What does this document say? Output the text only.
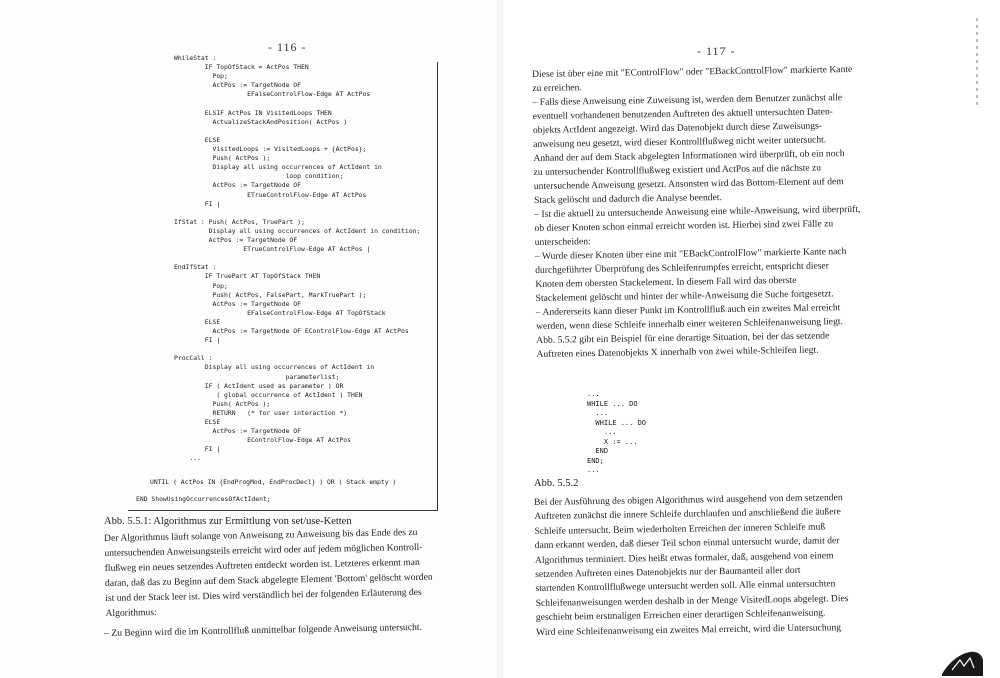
- 116 -
WhileStat :
IF TopOfStack = ActPos THEN
Pop;
ActPos := TargetNode OF
EFalseControlFlow-Edge AT ActPos
ELSIF ActPos IN VisitedLoops THEN
ActualizeStackAndPosition( ActPos )
ELSE
VisitedLoops := VisitedLoops + {ActPos};
Push( ActPos );
Display all using occurrences of ActIdent in
loop condition;
ActPos := TargetNode OF
ETrueControlFlow-Edge AT ActPos
FI |
IfStat : Push( ActPos, TruePart );
Display all using occurrences of ActIdent in condition;
ActPos := TargetNode OF
ETrueControlFlow-Edge AT ActPos |
EndIfStat :
IF TruePart AT TopOfStack THEN
Pop;
Push( ActPos, FalsePart, MarkTruePart );
ActPos := TargetNode OF
EFalseControlFlow-Edge AT TopOfStack
ELSE
ActPos := TargetNode OF EControlFlow-Edge AT ActPos
FI |
ProcCall :
Display all using occurrences of ActIdent in
parameterlist;
IF ( ActIdent used as parameter ) OR
( global occurrence of ActIdent ) THEN
Push( ActPos );
RETURN   (* for user interaction *)
ELSE
ActPos := TargetNode OF
EControlFlow-Edge AT ActPos
FI |
...
UNTIL ( ActPos IN {EndProgMod, EndProcDecl} ) OR ( Stack empty )
END ShowUsingOccurrencesOfActIdent;
Abb. 5.5.1: Algorithmus zur Ermittlung von set/use-Ketten
Der Algorithmus läuft solange von Anweisung zu Anweisung bis das Ende des zu
untersuchenden Anweisungsteils erreicht wird oder auf jedem möglichen Kontroll-
flußweg ein neues setzendes Auftreten entdeckt worden ist. Letzteres erkennt man
daran, daß das zu Beginn auf dem Stack abgelegte Element 'Bottom' gelöscht worden
ist und der Stack leer ist. Dies wird verständlich bei der folgenden Erläuterung des
Algorithmus:
– Zu Beginn wird die im Kontrollfluß unmittelbar folgende Anweisung untersucht.
- 117 -
Diese ist über eine mit "EControlFlow" oder "EBackControlFlow" markierte Kante
zu erreichen.
– Falls diese Anweisung eine Zuweisung ist, werden dem Benutzer zunächst alle
eventuell vorhandenen benutzenden Auftreten des aktuell untersuchten Daten-
objekts ActIdent angezeigt. Wird das Datenobjekt durch diese Zuweisungs-
anweisung neu gesetzt, wird dieser Kontrollflußweg nicht weiter untersucht.
Anhand der auf dem Stack abgelegten Informationen wird überprüft, ob ein noch
zu untersuchender Kontrollflußweg existiert und ActPos auf die nächste zu
untersuchende Anweisung gesetzt. Ansonsten wird das Bottom-Element auf dem
Stack gelöscht und dadurch die Analyse beendet.
– Ist die aktuell zu untersuchende Anweisung eine while-Anweisung, wird überprüft,
ob dieser Knoten schon einmal erreicht worden ist. Hierbei sind zwei Fälle zu
unterscheiden:
– Wurde dieser Knoten über eine mit "EBackControlFlow" markierte Kante nach
durchgeführter Überprüfung des Schleifenrumpfes erreicht, entspricht dieser
Knoten dem obersten Stackelement. In diesem Fall wird das oberste
Stackelement gelöscht und hinter der while-Anweisung die Suche fortgesetzt.
– Andererseits kann dieser Punkt im Kontrollfluß auch ein zweites Mal erreicht
werden, wenn diese Schleife innerhalb einer weiteren Schleifenanweisung liegt.
Abb. 5.5.2 gibt ein Beispiel für eine derartige Situation, bei der das setzende
Auftreten eines Datenobjekts X innerhalb von zwei while-Schleifen liegt.
...
WHILE ... DO
...
WHILE ... DO
...
X := ...
END
END;
...
Abb. 5.5.2
Bei der Ausführung des obigen Algorithmus wird ausgehend von dem setzenden
Auftreten zunächst die innere Schleife durchlaufen und anschließend die äußere
Schleife untersucht. Beim wiederholten Erreichen der inneren Schleife muß
dann erkannt werden, daß dieser Teil schon einmal untersucht wurde, damit der
Algorithmus terminiert. Dies heißt etwas formaler, daß, ausgehend von einem
setzenden Auftreten eines Datenobjekts nur der Baumanteil aller dort
startenden Kontrollflußwege untersucht werden soll. Alle einmal untersuchten
Schleifenanweisungen werden deshalb in der Menge VisitedLoops abgelegt. Dies
geschieht beim erstmaligen Erreichen einer derartigen Schleifenanweisung.
Wird eine Schleifenanweisung ein zweites Mal erreicht, wird die Untersuchung
